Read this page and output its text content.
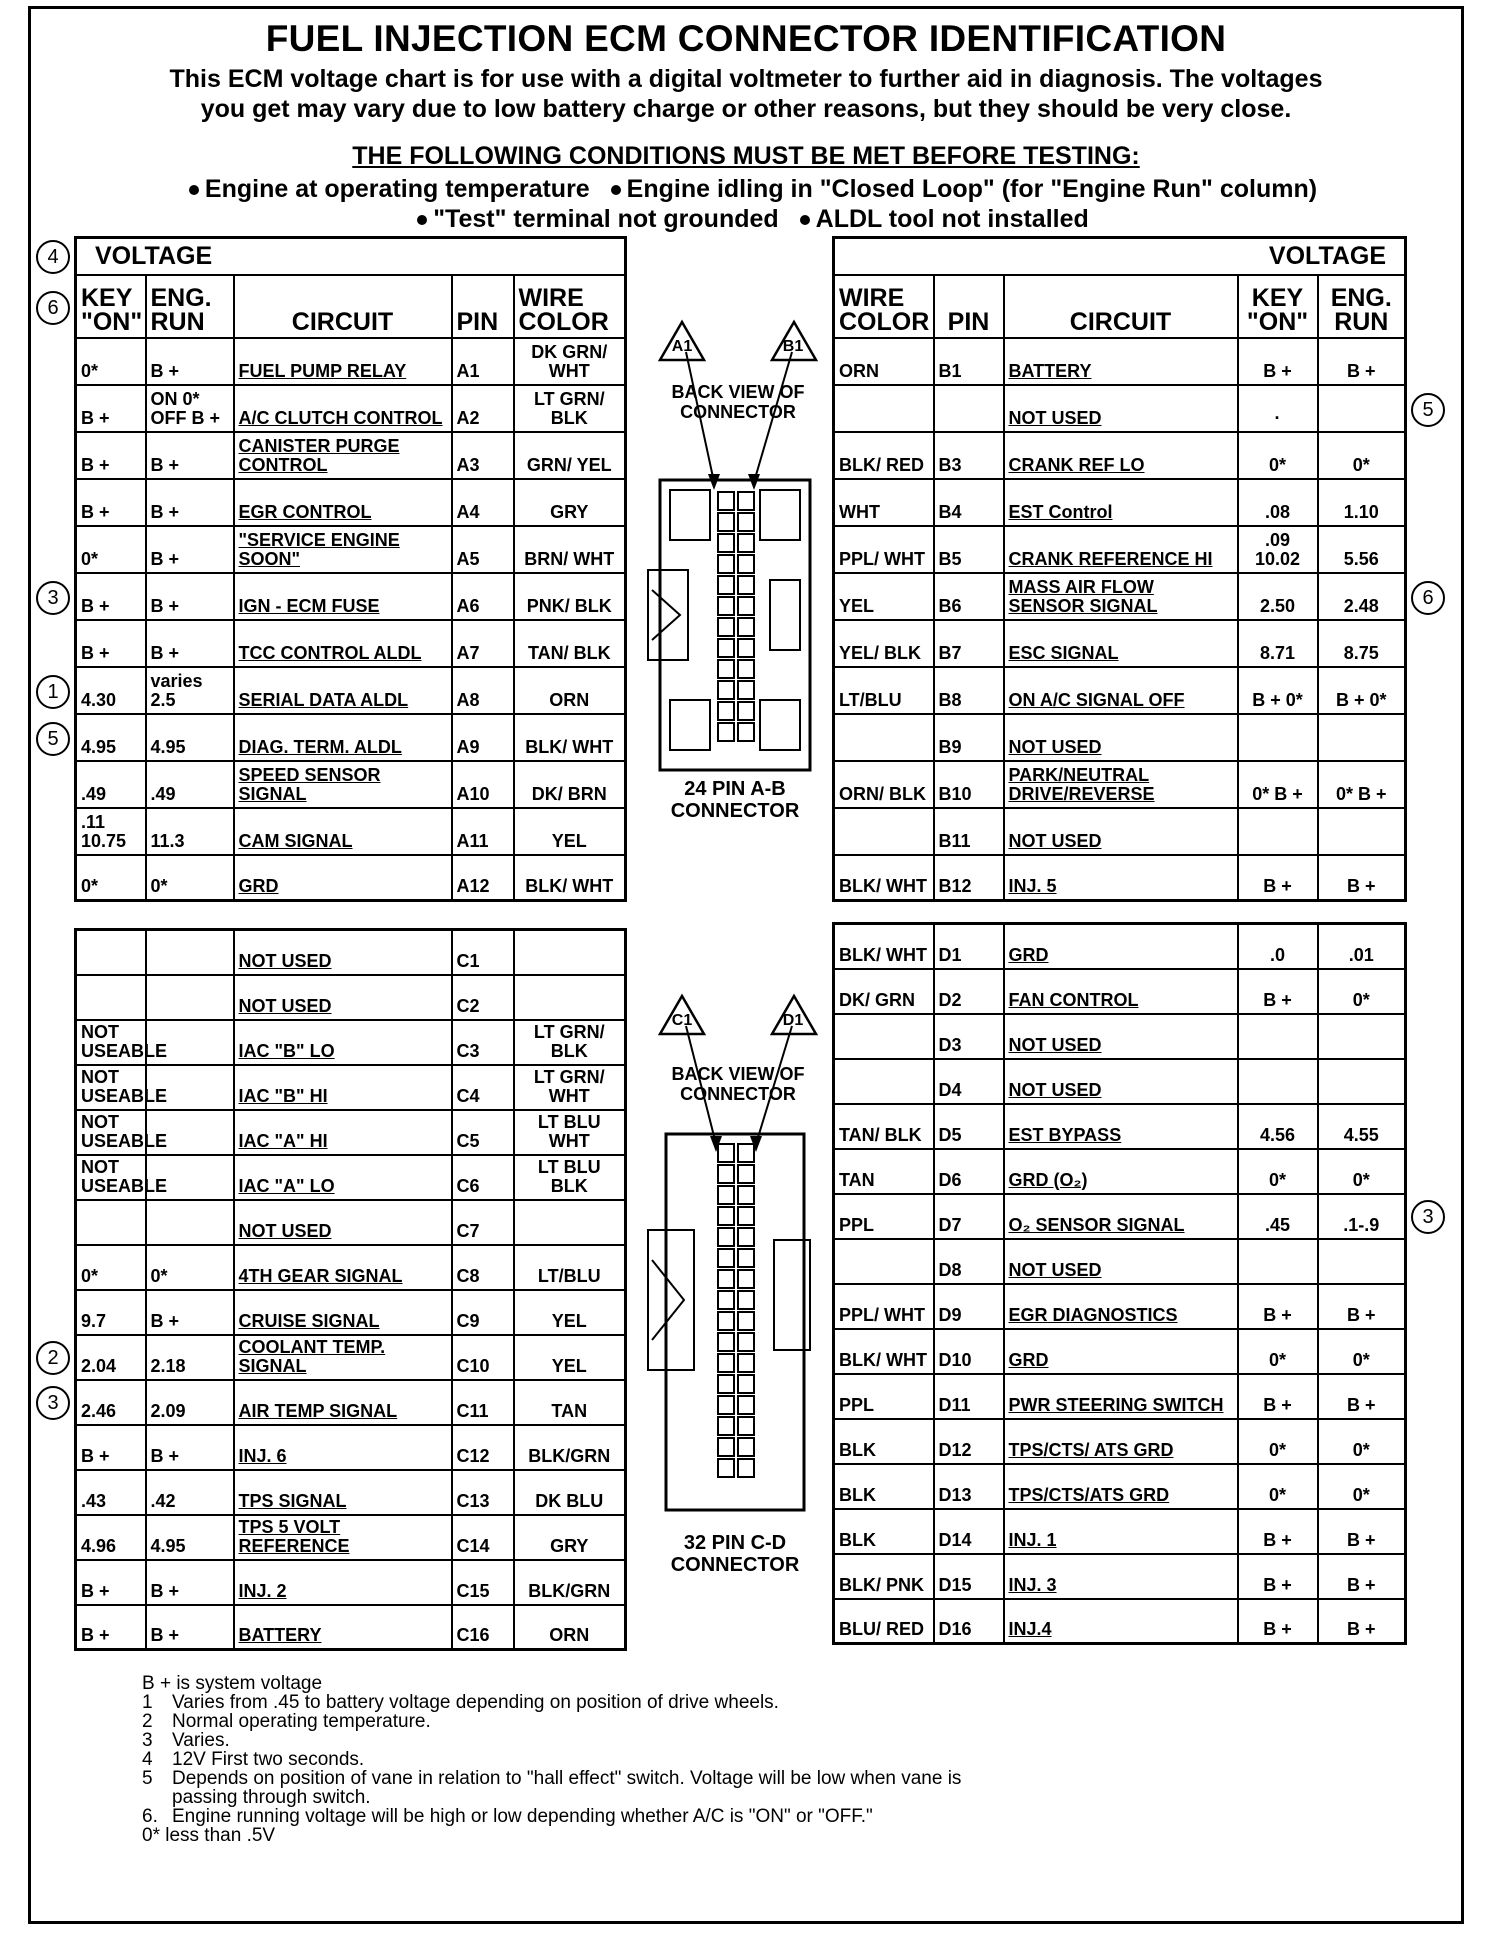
FUEL INJECTION ECM CONNECTOR IDENTIFICATION
This ECM voltage chart is for use with a digital voltmeter to further aid in diagnosis. The voltages
you get may vary due to low battery charge or other reasons, but they should be very close.
THE FOLLOWING CONDITIONS MUST BE MET BEFORE TESTING:
Engine at operating temperature Engine idling in "Closed Loop" (for "Engine Run" column)
"Test" terminal not grounded ALDL tool not installed
VOLTAGE				
KEY "ON"	ENG. RUN	CIRCUIT	PIN	WIRE COLOR
0*	B +	FUEL PUMP RELAY	A1	DK GRN/ WHT
B +	ON 0* OFF B +	A/C CLUTCH CONTROL	A2	LT GRN/ BLK
B +	B +	CANISTER PURGE CONTROL	A3	GRN/ YEL
B +	B +	EGR CONTROL	A4	GRY
0*	B +	"SERVICE ENGINE SOON"	A5	BRN/ WHT
B +	B +	IGN - ECM FUSE	A6	PNK/ BLK
B +	B +	TCC CONTROL ALDL	A7	TAN/ BLK
4.30	varies 2.5	SERIAL DATA ALDL	A8	ORN
4.95	4.95	DIAG. TERM. ALDL	A9	BLK/ WHT
.49	.49	SPEED SENSOR SIGNAL	A10	DK/ BRN
.11 10.75	11.3	CAM SIGNAL	A11	YEL
0*	0*	GRD	A12	BLK/ WHT
VOLTAGE				
WIRE COLOR	PIN	CIRCUIT	KEY "ON"	ENG. RUN
ORN	B1	BATTERY	B +	B +
		NOT USED	·	
BLK/ RED	B3	CRANK REF LO	0*	0*
WHT	B4	EST Control	.08	1.10
PPL/ WHT	B5	CRANK REFERENCE HI	.09 10.02	5.56
YEL	B6	MASS AIR FLOW SENSOR SIGNAL	2.50	2.48
YEL/ BLK	B7	ESC SIGNAL	8.71	8.75
LT/BLU	B8	ON A/C SIGNAL OFF	B + 0*	B + 0*
	B9	NOT USED		
ORN/ BLK	B10	PARK/NEUTRAL DRIVE/REVERSE	0* B +	0* B +
	B11	NOT USED		
BLK/ WHT	B12	INJ. 5	B +	B +
		NOT USED	C1	
		NOT USED	C2	
NOT USEABLE		IAC "B" LO	C3	LT GRN/ BLK
NOT USEABLE		IAC "B" HI	C4	LT GRN/ WHT
NOT USEABLE		IAC "A" HI	C5	LT BLU WHT
NOT USEABLE		IAC "A" LO	C6	LT BLU BLK
		NOT USED	C7	
0*	0*	4TH GEAR SIGNAL	C8	LT/BLU
9.7	B +	CRUISE SIGNAL	C9	YEL
2.04	2.18	COOLANT TEMP. SIGNAL	C10	YEL
2.46	2.09	AIR TEMP SIGNAL	C11	TAN
B +	B +	INJ. 6	C12	BLK/GRN
.43	.42	TPS SIGNAL	C13	DK BLU
4.96	4.95	TPS 5 VOLT REFERENCE	C14	GRY
B +	B +	INJ. 2	C15	BLK/GRN
B +	B +	BATTERY	C16	ORN
BLK/ WHT	D1	GRD	.0	.01
DK/ GRN	D2	FAN CONTROL	B +	0*
	D3	NOT USED		
	D4	NOT USED		
TAN/ BLK	D5	EST BYPASS	4.56	4.55
TAN	D6	GRD (O₂)	0*	0*
PPL	D7	O₂ SENSOR SIGNAL	.45	.1-.9
	D8	NOT USED		
PPL/ WHT	D9	EGR DIAGNOSTICS	B +	B +
BLK/ WHT	D10	GRD	0*	0*
PPL	D11	PWR STEERING SWITCH	B +	B +
BLK	D12	TPS/CTS/ ATS GRD	0*	0*
BLK	D13	TPS/CTS/ATS GRD	0*	0*
BLK	D14	INJ. 1	B +	B +
BLK/ PNK	D15	INJ. 3	B +	B +
BLU/ RED	D16	INJ.4	B +	B +
A1	B1
BACK VIEW OF CONNECTOR
24 PIN A-B CONNECTOR
C1	D1
BACK VIEW OF CONNECTOR
32 PIN C-D CONNECTOR
B + is system voltage
1 Varies from .45 to battery voltage depending on position of drive wheels.
2 Normal operating temperature.
3 Varies.
4 12V First two seconds.
5 Depends on position of vane in relation to "hall effect" switch. Voltage will be low when vane is
passing through switch.
6. Engine running voltage will be high or low depending whether A/C is "ON" or "OFF."
0* less than .5V
4
6
3
1
5
5
6
2
3
3
